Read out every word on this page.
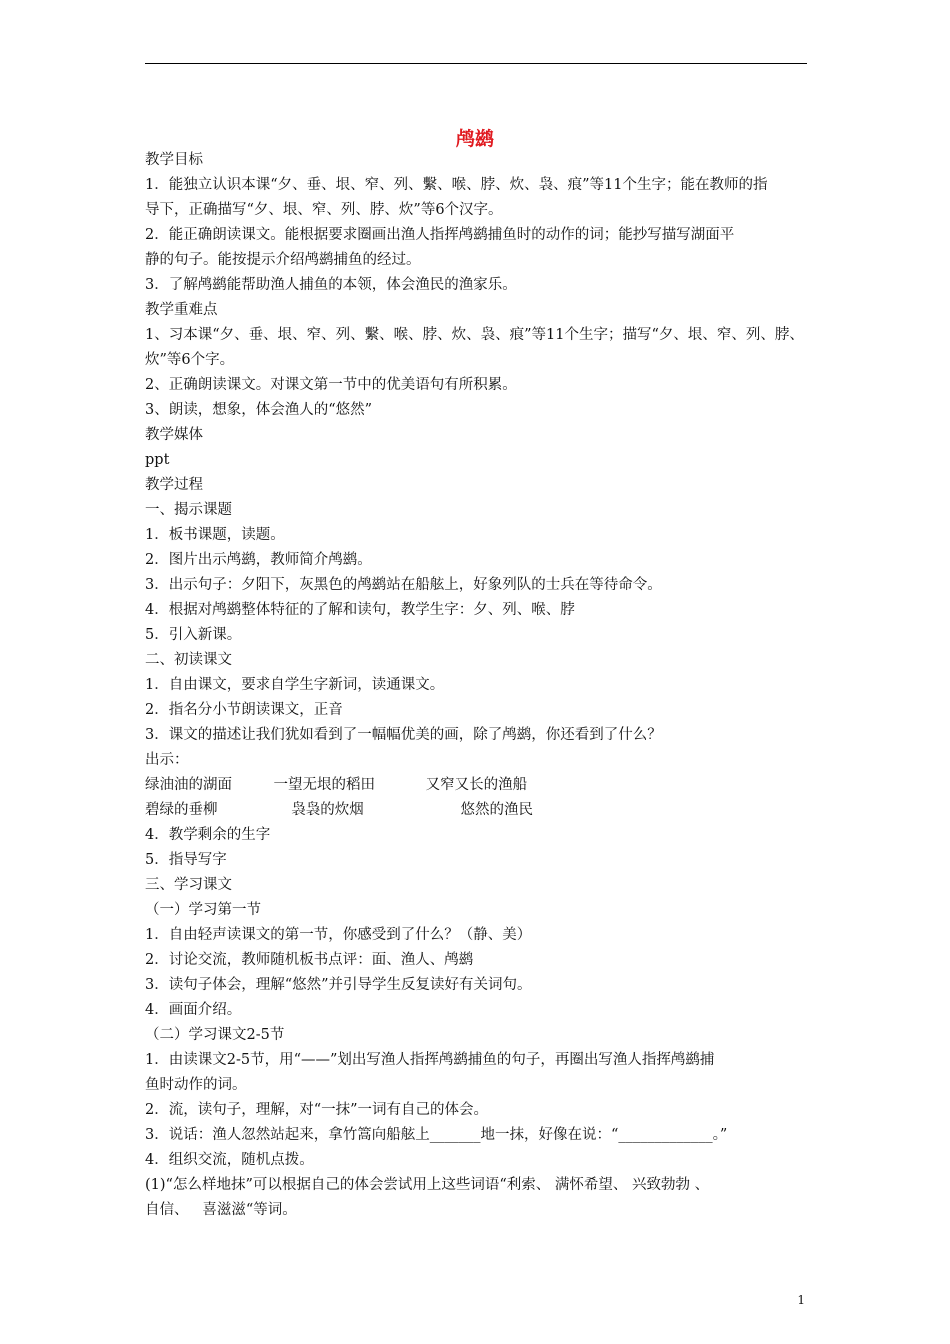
鸬鹚
教学目标
1．能独立认识本课“夕、垂、垠、窄、列、繫、喉、脖、炊、袅、痕”等11个生字；能在教师的指
导下，正确描写“夕、垠、窄、列、脖、炊”等6个汉字。
2．能正确朗读课文。能根据要求圈画出渔人指挥鸬鹚捕鱼时的动作的词；能抄写描写湖面平
静的句子。能按提示介绍鸬鹚捕鱼的经过。
3．了解鸬鹚能帮助渔人捕鱼的本领，体会渔民的渔家乐。
教学重难点
1、习本课“夕、垂、垠、窄、列、繫、喉、脖、炊、袅、痕”等11个生字；描写“夕、垠、窄、列、脖、
炊”等6个字。
2、正确朗读课文。对课文第一节中的优美语句有所积累。
3、朗读，想象，体会渔人的“悠然”
教学媒体
ppt
教学过程
一、揭示课题
1．板书课题，读题。
2．图片出示鸬鹚，教师简介鸬鹚。
3．出示句子：夕阳下，灰黑色的鸬鹚站在船舷上，好象列队的士兵在等待命令。
4．根据对鸬鹚整体特征的了解和读句，教学生字：夕、列、喉、脖
5．引入新课。
二、初读课文
1．自由课文，要求自学生字新词，读通课文。
2．指名分小节朗读课文，正音
3．课文的描述让我们犹如看到了一幅幅优美的画，除了鸬鹚，你还看到了什么？
出示：
绿油油的湖面         一望无垠的稻田           又窄又长的渔船
碧绿的垂柳                袅袅的炊烟                     悠然的渔民
4．教学剩余的生字
5．指导写字
三、学习课文
（一）学习第一节
1．自由轻声读课文的第一节，你感受到了什么？（静、美）
2．讨论交流，教师随机板书点评：面、渔人、鸬鹚
3．读句子体会，理解“悠然”并引导学生反复读好有关词句。
4．画面介绍。
（二）学习课文2-5节
1．由读课文2-5节，用“——”划出写渔人指挥鸬鹚捕鱼的句子，再圈出写渔人指挥鸬鹚捕
鱼时动作的词。
2．流，读句子，理解，对“一抹”一词有自己的体会。
3．说话：渔人忽然站起来，拿竹篙向船舷上_______地一抹，好像在说：“_____________。”
4．组织交流，随机点拨。
(1)“怎么样地抹”可以根据自己的体会尝试用上这些词语“利索、 满怀希望、 兴致勃勃 、
自信、   喜滋滋“等词。
1
